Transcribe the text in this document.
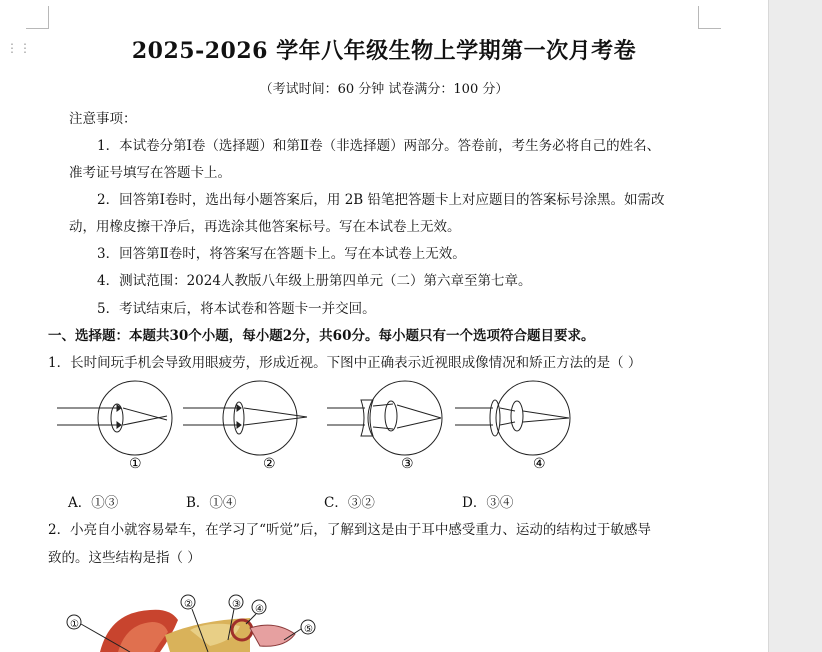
⋮⋮	2025-2026 学年八年级生物上学期第一次月考卷
（考试时间：60 分钟 试卷满分：100 分）
注意事项：
1．本试卷分第Ⅰ卷（选择题）和第Ⅱ卷（非选择题）两部分。答卷前，考生务必将自己的姓名、
准考证号填写在答题卡上。
2．回答第Ⅰ卷时，选出每小题答案后，用 2B 铅笔把答题卡上对应题目的答案标号涂黑。如需改
动，用橡皮擦干净后，再选涂其他答案标号。写在本试卷上无效。
3．回答第Ⅱ卷时，将答案写在答题卡上。写在本试卷上无效。
4．测试范围：2024人教版八年级上册第四单元（二）第六章至第七章。
5．考试结束后，将本试卷和答题卡一并交回。
一、选择题：本题共30个小题，每小题2分，共60分。每小题只有一个选项符合题目要求。
1．长时间玩手机会导致用眼疲劳，形成近视。下图中正确表示近视眼成像情况和矫正方法的是（ ）
①	②	③	④
A．①③	B．①④	C．③②	D．③④
2．小亮自小就容易晕车，在学习了“听觉”后，了解到这是由于耳中感受重力、运动的结构过于敏感导
致的。这些结构是指（ ）
①
②	③ ④
⑤
